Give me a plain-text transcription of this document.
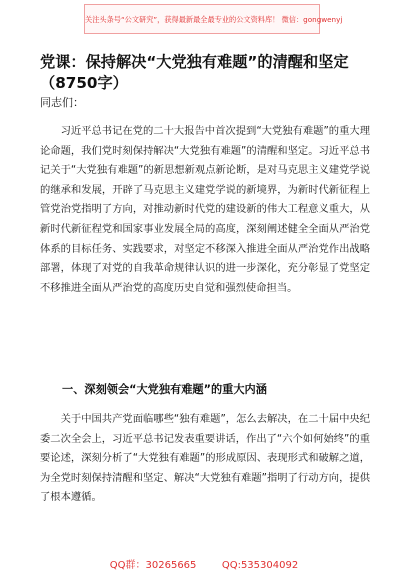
关注头条号“公文研究”，获得最新最全最专业的公文资料库！ 微信：gongwenyj
党课：保持解决“大党独有难题”的清醒和坚定（8750字）
同志们：

习近平总书记在党的二十大报告中首次提到“大党独有难题”的重大理论命题，我们党时刻保持解决“大党独有难题”的清醒和坚定。习近平总书记关于“大党独有难题”的新思想新观点新论断，是对马克思主义建党学说的继承和发展，开辟了马克思主义建党学说的新境界，为新时代新征程上管党治党指明了方向，对推动新时代党的建设新的伟大工程意义重大，从新时代新征程党和国家事业发展全局的高度，深刻阐述健全全面从严治党体系的目标任务、实践要求，对坚定不移深入推进全面从严治党作出战略部署，体现了对党的自我革命规律认识的进一步深化，充分彰显了党坚定不移推进全面从严治党的高度历史自觉和强烈使命担当。

一、深刻领会“大党独有难题”的重大内涵

关于中国共产党面临哪些“独有难题”，怎么去解决，在二十届中央纪委二次全会上，习近平总书记发表重要讲话，作出了“六个如何始终”的重要论述，深刻分析了“大党独有难题”的形成原因、表现形式和破解之道，为全党时刻保持清醒和坚定、解决“大党独有难题”指明了行动方向，提供了根本遵循。

QQ群：30265665        QQ:535304092
